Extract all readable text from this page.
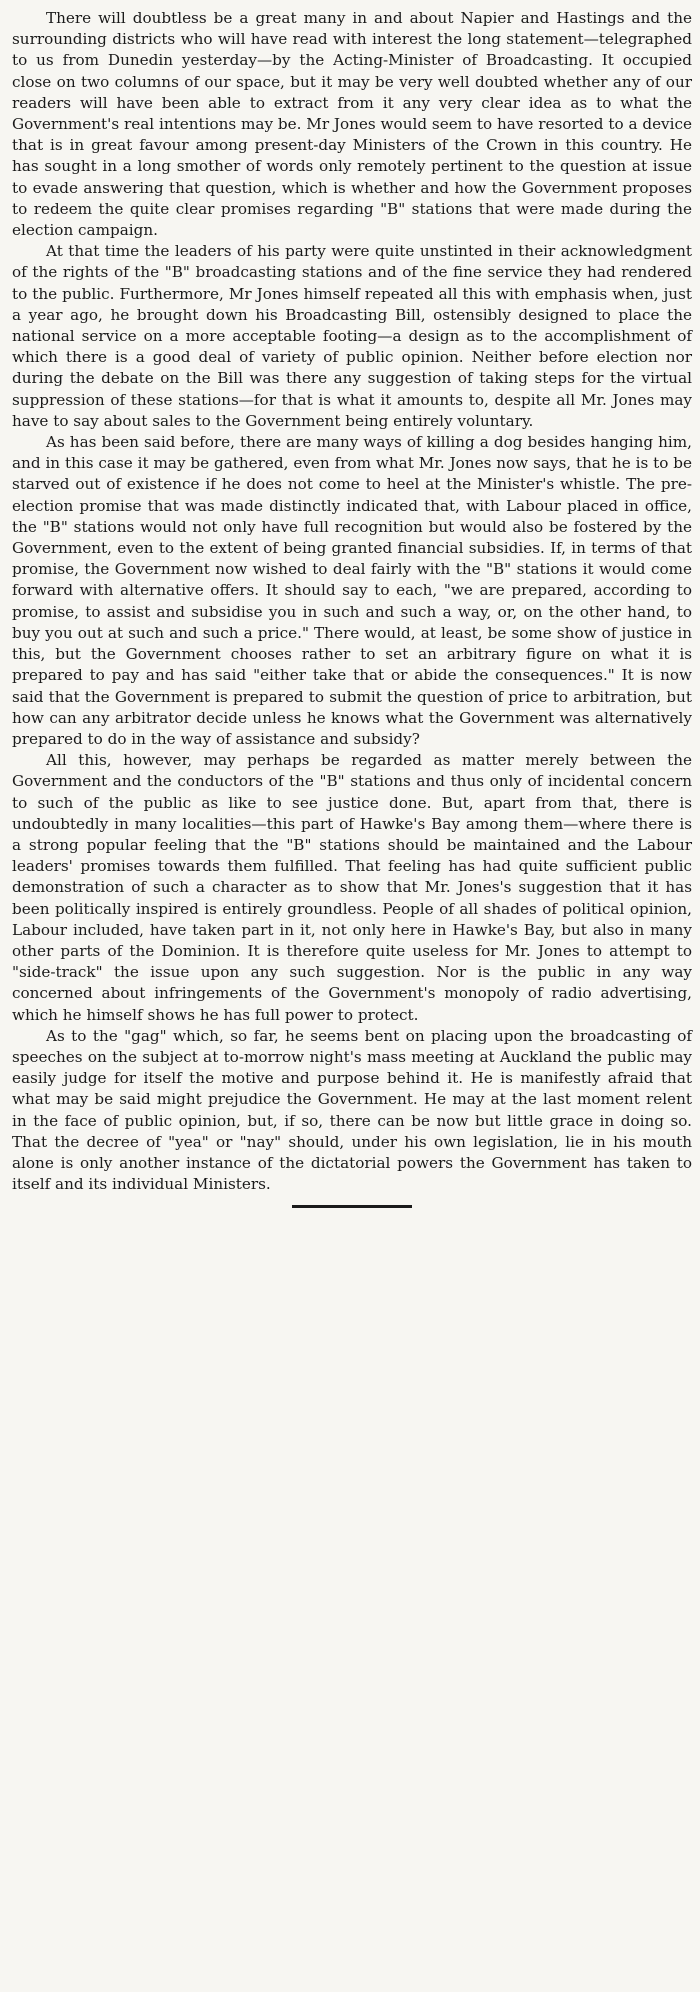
There will doubtless be a great many in and about Napier and Hastings and the surrounding districts who will have read with interest the long statement—telegraphed to us from Dunedin yesterday—by the Acting-Minister of Broadcasting. It occupied close on two columns of our space, but it may be very well doubted whether any of our readers will have been able to extract from it any very clear idea as to what the Government's real intentions may be. Mr Jones would seem to have resorted to a device that is in great favour among present-day Ministers of the Crown in this country. He has sought in a long smother of words only remotely pertinent to the question at issue to evade answering that question, which is whether and how the Government proposes to redeem the quite clear promises regarding "B" stations that were made during the election campaign.

At that time the leaders of his party were quite unstinted in their acknowledgment of the rights of the "B" broadcasting stations and of the fine service they had rendered to the public. Furthermore, Mr Jones himself repeated all this with emphasis when, just a year ago, he brought down his Broadcasting Bill, ostensibly designed to place the national service on a more acceptable footing—a design as to the accomplishment of which there is a good deal of variety of public opinion. Neither before election nor during the debate on the Bill was there any suggestion of taking steps for the virtual suppression of these stations—for that is what it amounts to, despite all Mr. Jones may have to say about sales to the Government being entirely voluntary.

As has been said before, there are many ways of killing a dog besides hanging him, and in this case it may be gathered, even from what Mr. Jones now says, that he is to be starved out of existence if he does not come to heel at the Minister's whistle. The pre-election promise that was made distinctly indicated that, with Labour placed in office, the "B" stations would not only have full recognition but would also be fostered by the Government, even to the extent of being granted financial subsidies. If, in terms of that promise, the Government now wished to deal fairly with the "B" stations it would come forward with alternative offers. It should say to each, "we are prepared, according to promise, to assist and subsidise you in such and such a way, or, on the other hand, to buy you out at such and such a price." There would, at least, be some show of justice in this, but the Government chooses rather to set an arbitrary figure on what it is prepared to pay and has said "either take that or abide the consequences." It is now said that the Government is prepared to submit the question of price to arbitration, but how can any arbitrator decide unless he knows what the Government was alternatively prepared to do in the way of assistance and subsidy?

All this, however, may perhaps be regarded as matter merely between the Government and the conductors of the "B" stations and thus only of incidental concern to such of the public as like to see justice done. But, apart from that, there is undoubtedly in many localities—this part of Hawke's Bay among them—where there is a strong popular feeling that the "B" stations should be maintained and the Labour leaders' promises towards them fulfilled. That feeling has had quite sufficient public demonstration of such a character as to show that Mr. Jones's suggestion that it has been politically inspired is entirely groundless. People of all shades of political opinion, Labour included, have taken part in it, not only here in Hawke's Bay, but also in many other parts of the Dominion. It is therefore quite useless for Mr. Jones to attempt to "side-track" the issue upon any such suggestion. Nor is the public in any way concerned about infringements of the Government's monopoly of radio advertising, which he himself shows he has full power to protect.

As to the "gag" which, so far, he seems bent on placing upon the broadcasting of speeches on the subject at to-morrow night's mass meeting at Auckland the public may easily judge for itself the motive and purpose behind it. He is manifestly afraid that what may be said might prejudice the Government. He may at the last moment relent in the face of public opinion, but, if so, there can be now but little grace in doing so. That the decree of "yea" or "nay" should, under his own legislation, lie in his mouth alone is only another instance of the dictatorial powers the Government has taken to itself and its individual Ministers.
